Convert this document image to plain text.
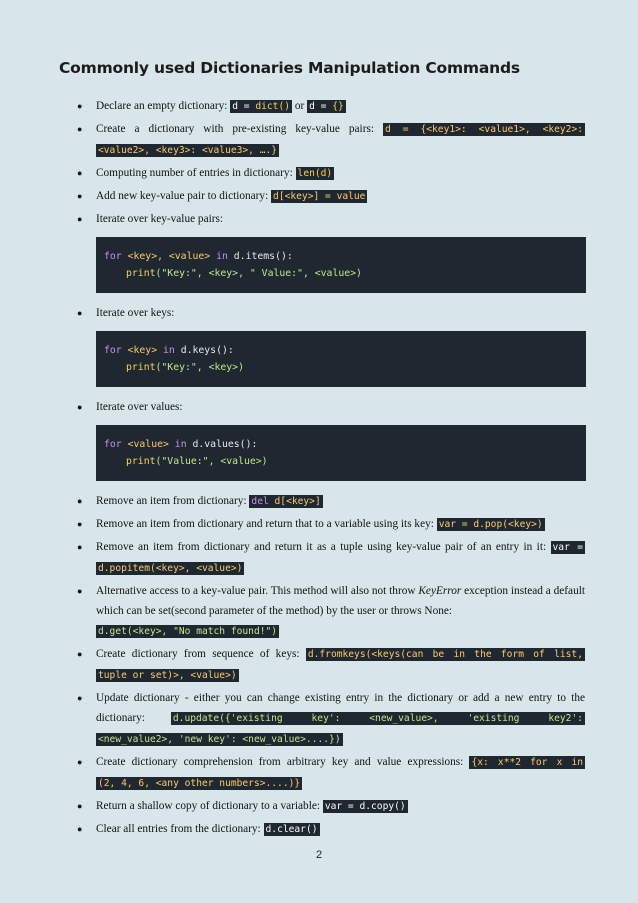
Commonly used Dictionaries Manipulation Commands
● Declare an empty dictionary: d = dict() or d = {}
● Create a dictionary with pre-existing key-value pairs: d = {<key1>: <value1>, <key2>:
<value2>, <key3>: <value3>, ….}
● Computing number of entries in dictionary: len(d)
● Add new key-value pair to dictionary: d[<key>] = value
● Iterate over key-value pairs:
for <key>, <value> in d.items():
print("Key:", <key>, " Value:", <value>)
● Iterate over keys:
for <key> in d.keys():
print("Key:", <key>)
● Iterate over values:
for <value> in d.values():
print("Value:", <value>)
● Remove an item from dictionary: del d[<key>]
● Remove an item from dictionary and return that to a variable using its key: var = d.pop(<key>)
● Remove an item from dictionary and return it as a tuple using key-value pair of an entry in it: var =
d.popitem(<key>, <value>)
● Alternative access to a key-value pair. This method will also not throw KeyError exception instead a default which can be set(second parameter of the method) by the user or throws None:
d.get(<key>, "No match found!")
● Create dictionary from sequence of keys: d.fromkeys(<keys(can be in the form of list,
tuple or set)>, <value>)
● Update dictionary - either you can change existing entry in the dictionary or add a new entry to the dictionary:	d.update({'existing key': <new_value>, 'existing key2':
<new_value2>, 'new key': <new_value>....})
● Create dictionary comprehension from arbitrary key and value expressions: {x: x**2 for x in
(2, 4, 6, <any other numbers>....)}
● Return a shallow copy of dictionary to a variable: var = d.copy()
● Clear all entries from the dictionary: d.clear()
2
